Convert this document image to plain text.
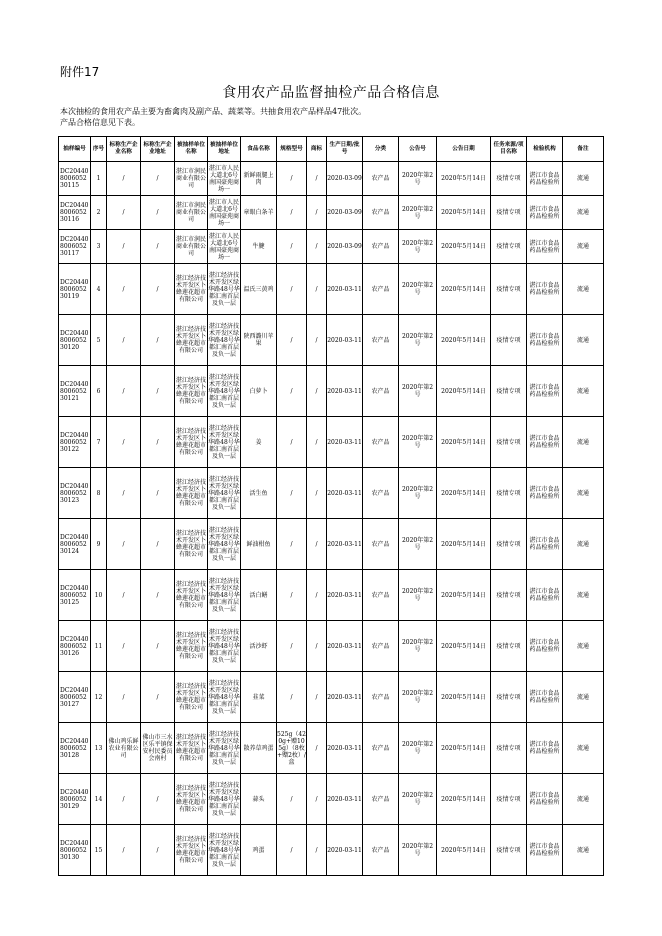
附件17
食用农产品监督抽检产品合格信息
本次抽检的食用农产品主要为畜禽肉及副产品、蔬菜等。共抽食用农产品样品47批次。
产品合格信息见下表。
抽样编号	序号	标称生产企业名称	标称生产企业地址	被抽样单位名称	被抽样单位地址	食品名称	规格型号	商标	生产日期/批号	分类	公告号	公告日期	任务来源/项目名称	检验机构	备注
DC20440800605230115	1	/	/	湛江市润民商业有限公司	湛江市人民大道北6号南国豪苑商场一	新鲜雨腿上肉	/	/	2020-03-09	农产品	2020年第2号	2020年5月14日	疫情专项	湛江市食品药品检验所	流通
DC20440800605230116	2	/	/	湛江市润民商业有限公司	湛江市人民大道北6号南国豪苑商场一	章眼白条羊	/	/	2020-03-09	农产品	2020年第2号	2020年5月14日	疫情专项	湛江市食品药品检验所	流通
DC20440800605230117	3	/	/	湛江市润民商业有限公司	湛江市人民大道北6号南国豪苑商场一	牛腱	/	/	2020-03-09	农产品	2020年第2号	2020年5月14日	疫情专项	湛江市食品药品检验所	流通
DC20440800605230119	4	/	/	湛江经济技术开发区卜蜂莲花超市有限公司	湛江经济技术开发区绿华路48号华都汇南首层及负一层	温氏三黄鸡	/	/	2020-03-11	农产品	2020年第2号	2020年5月14日	疫情专项	湛江市食品药品检验所	流通
DC20440800605230120	5	/	/	湛江经济技术开发区卜蜂莲花超市有限公司	湛江经济技术开发区绿华路48号华都汇南首层及负一层	陕西潞川苹果	/	/	2020-03-11	农产品	2020年第2号	2020年5月14日	疫情专项	湛江市食品药品检验所	流通
DC20440800605230121	6	/	/	湛江经济技术开发区卜蜂莲花超市有限公司	湛江经济技术开发区绿华路48号华都汇南首层及负一层	白萝卜	/	/	2020-03-11	农产品	2020年第2号	2020年5月14日	疫情专项	湛江市食品药品检验所	流通
DC20440800605230122	7	/	/	湛江经济技术开发区卜蜂莲花超市有限公司	湛江经济技术开发区绿华路48号华都汇南首层及负一层	姜	/	/	2020-03-11	农产品	2020年第2号	2020年5月14日	疫情专项	湛江市食品药品检验所	流通
DC20440800605230123	8	/	/	湛江经济技术开发区卜蜂莲花超市有限公司	湛江经济技术开发区绿华路48号华都汇南首层及负一层	活生鱼	/	/	2020-03-11	农产品	2020年第2号	2020年5月14日	疫情专项	湛江市食品药品检验所	流通
DC20440800605230124	9	/	/	湛江经济技术开发区卜蜂莲花超市有限公司	湛江经济技术开发区绿华路48号华都汇南首层及负一层	鲜油柑鱼	/	/	2020-03-11	农产品	2020年第2号	2020年5月14日	疫情专项	湛江市食品药品检验所	流通
DC20440800605230125	10	/	/	湛江经济技术开发区卜蜂莲花超市有限公司	湛江经济技术开发区绿华路48号华都汇南首层及负一层	活白鳝	/	/	2020-03-11	农产品	2020年第2号	2020年5月14日	疫情专项	湛江市食品药品检验所	流通
DC20440800605230126	11	/	/	湛江经济技术开发区卜蜂莲花超市有限公司	湛江经济技术开发区绿华路48号华都汇南首层及负一层	活沙虾	/	/	2020-03-11	农产品	2020年第2号	2020年5月14日	疫情专项	湛江市食品药品检验所	流通
DC20440800605230127	12	/	/	湛江经济技术开发区卜蜂莲花超市有限公司	湛江经济技术开发区绿华路48号华都汇南首层及负一层	韭菜	/	/	2020-03-11	农产品	2020年第2号	2020年5月14日	疫情专项	湛江市食品药品检验所	流通
DC20440800605230128	13	佛山鸡乐鲜农业有限公司	佛山市三水区乐平镇保安村民委员会南村	湛江经济技术开发区卜蜂莲花超市有限公司	湛江经济技术开发区绿华路48号华都汇南首层及负一层	散养草鸡蛋	525g（420g+赠105g）（8枚+赠2枚）/盒	/	2020-03-11	农产品	2020年第2号	2020年5月14日	疫情专项	湛江市食品药品检验所	流通
DC20440800605230129	14	/	/	湛江经济技术开发区卜蜂莲花超市有限公司	湛江经济技术开发区绿华路48号华都汇南首层及负一层	蒜头	/	/	2020-03-11	农产品	2020年第2号	2020年5月14日	疫情专项	湛江市食品药品检验所	流通
DC20440800605230130	15	/	/	湛江经济技术开发区卜蜂莲花超市有限公司	湛江经济技术开发区绿华路48号华都汇南首层及负一层	鸡蛋	/	/	2020-03-11	农产品	2020年第2号	2020年5月14日	疫情专项	湛江市食品药品检验所	流通
